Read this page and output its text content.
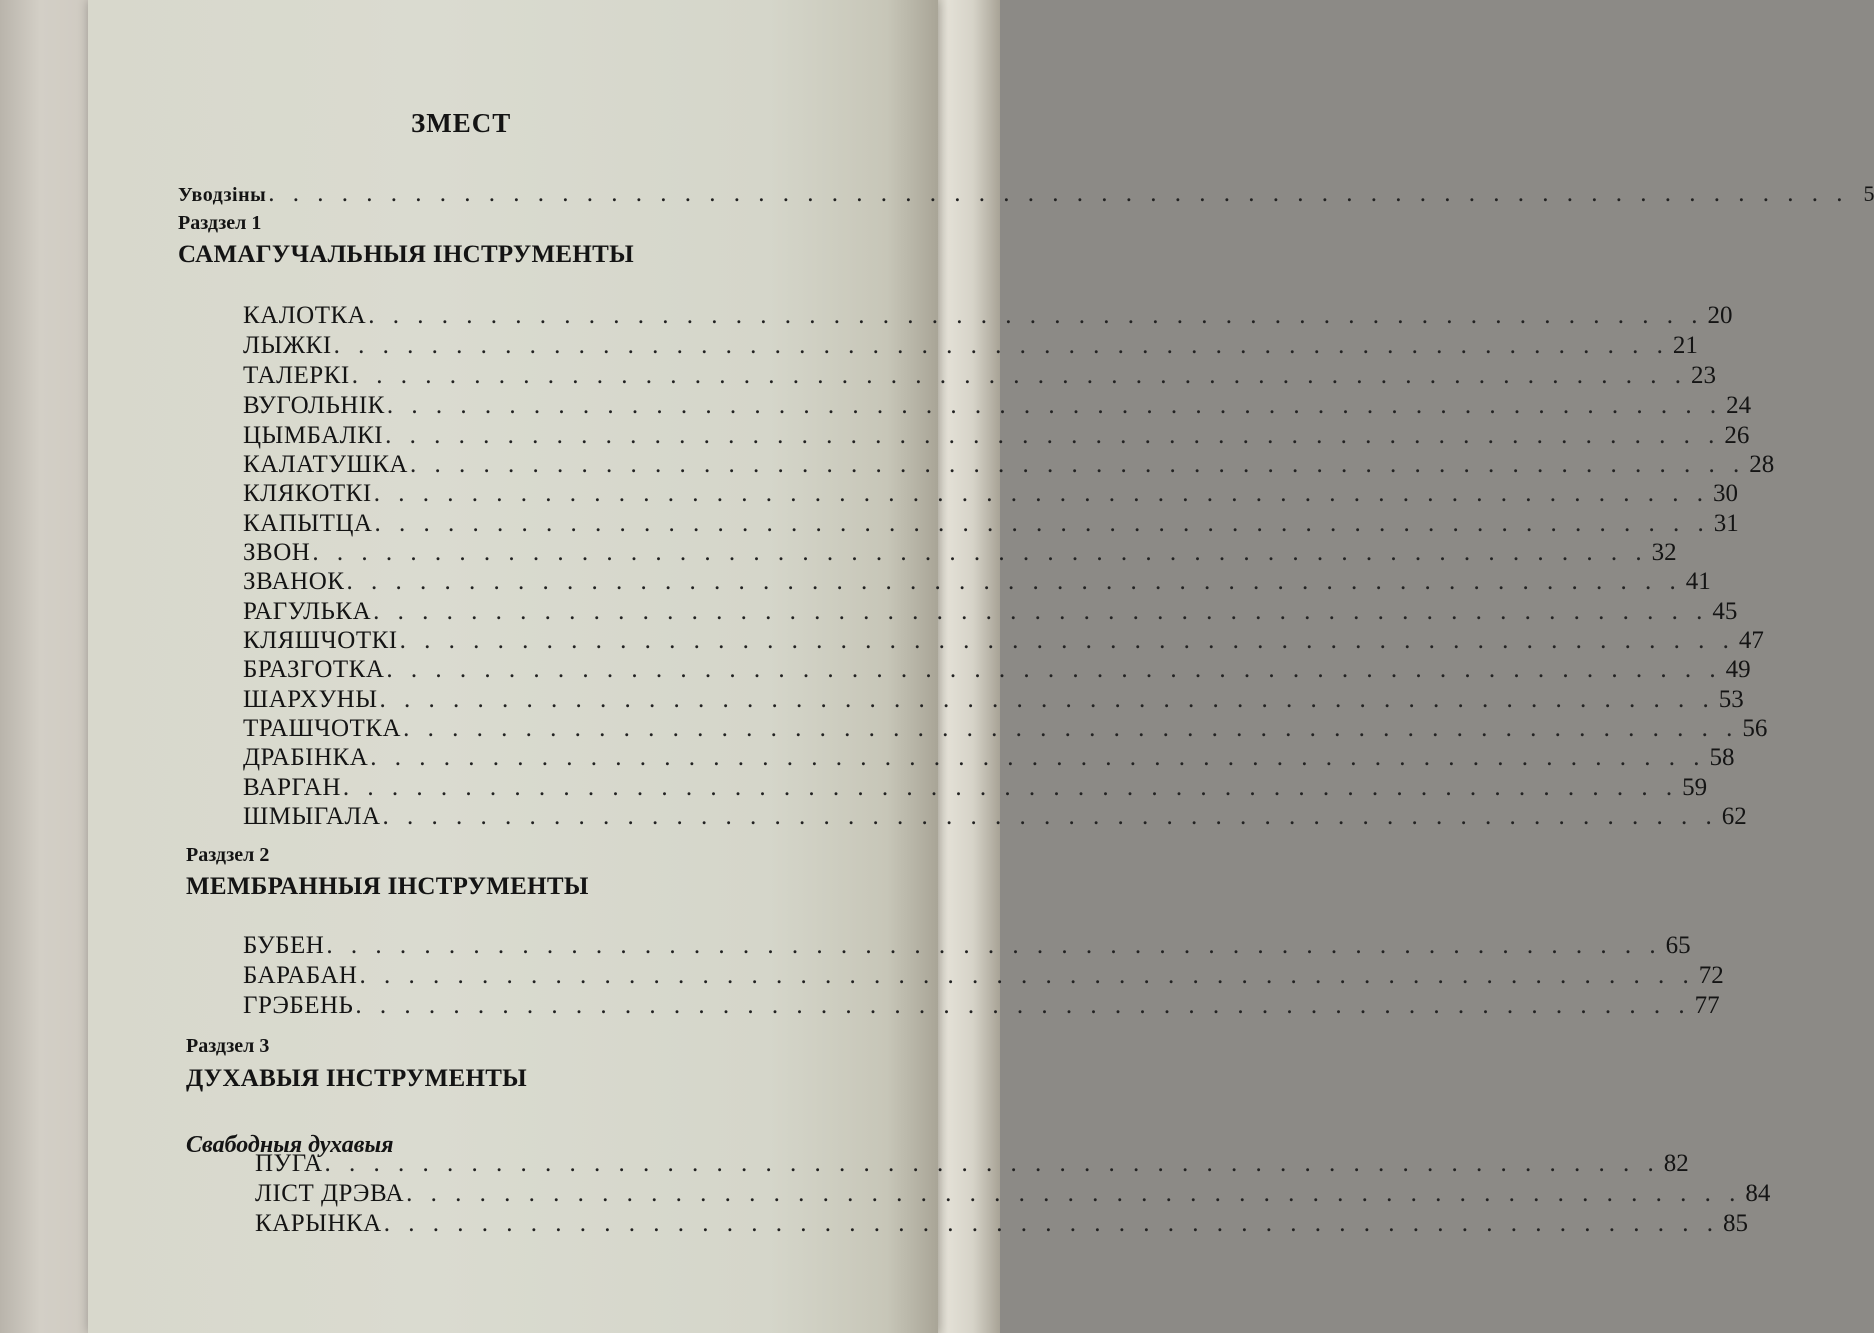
ЗМЕСТ
Уводзіны . . . . . . . . . . . . . . . . . . . . . . . . . . . . . . . . . . . . . . . . . . . . . . . . . . . . . . . . . . . . . . . . . 5
Раздзел 1
САМАГУЧАЛЬНЫЯ ІНСТРУМЕНТЫ
КАЛОТКА . . . . . . . . . . . . . . . . . . . . . . . . . . . . . . . . . . . . . . . . . . . . . . . . . . . . . . . 20
ЛЫЖКІ . . . . . . . . . . . . . . . . . . . . . . . . . . . . . . . . . . . . . . . . . . . . . . . . . . . . . . . 21
ТАЛЕРКІ . . . . . . . . . . . . . . . . . . . . . . . . . . . . . . . . . . . . . . . . . . . . . . . . . . . . . . . 23
ВУГОЛЬНІК . . . . . . . . . . . . . . . . . . . . . . . . . . . . . . . . . . . . . . . . . . . . . . . . . . . . . . . 24
ЦЫМБАЛКІ . . . . . . . . . . . . . . . . . . . . . . . . . . . . . . . . . . . . . . . . . . . . . . . . . . . . . . . 26
КАЛАТУШКА . . . . . . . . . . . . . . . . . . . . . . . . . . . . . . . . . . . . . . . . . . . . . . . . . . . . . . . 28
КЛЯКОТКІ . . . . . . . . . . . . . . . . . . . . . . . . . . . . . . . . . . . . . . . . . . . . . . . . . . . . . . . 30
КАПЫТЦА . . . . . . . . . . . . . . . . . . . . . . . . . . . . . . . . . . . . . . . . . . . . . . . . . . . . . . . 31
ЗВОН . . . . . . . . . . . . . . . . . . . . . . . . . . . . . . . . . . . . . . . . . . . . . . . . . . . . . . . 32
ЗВАНОК . . . . . . . . . . . . . . . . . . . . . . . . . . . . . . . . . . . . . . . . . . . . . . . . . . . . . . . 41
РАГУЛЬКА . . . . . . . . . . . . . . . . . . . . . . . . . . . . . . . . . . . . . . . . . . . . . . . . . . . . . . . 45
КЛЯШЧОТКІ . . . . . . . . . . . . . . . . . . . . . . . . . . . . . . . . . . . . . . . . . . . . . . . . . . . . . . . 47
БРАЗГОТКА . . . . . . . . . . . . . . . . . . . . . . . . . . . . . . . . . . . . . . . . . . . . . . . . . . . . . . . 49
ШАРХУНЫ . . . . . . . . . . . . . . . . . . . . . . . . . . . . . . . . . . . . . . . . . . . . . . . . . . . . . . . 53
ТРАШЧОТКА . . . . . . . . . . . . . . . . . . . . . . . . . . . . . . . . . . . . . . . . . . . . . . . . . . . . . . . 56
ДРАБІНКА . . . . . . . . . . . . . . . . . . . . . . . . . . . . . . . . . . . . . . . . . . . . . . . . . . . . . . . 58
ВАРГАН . . . . . . . . . . . . . . . . . . . . . . . . . . . . . . . . . . . . . . . . . . . . . . . . . . . . . . . 59
ШМЫГАЛА . . . . . . . . . . . . . . . . . . . . . . . . . . . . . . . . . . . . . . . . . . . . . . . . . . . . . . . 62
Раздзел 2
МЕМБРАННЫЯ ІНСТРУМЕНТЫ
БУБЕН . . . . . . . . . . . . . . . . . . . . . . . . . . . . . . . . . . . . . . . . . . . . . . . . . . . . . . . 65
БАРАБАН . . . . . . . . . . . . . . . . . . . . . . . . . . . . . . . . . . . . . . . . . . . . . . . . . . . . . . . 72
ГРЭБЕНЬ . . . . . . . . . . . . . . . . . . . . . . . . . . . . . . . . . . . . . . . . . . . . . . . . . . . . . . . 77
Раздзел 3
ДУХАВЫЯ ІНСТРУМЕНТЫ
Свабодныя духавыя
ПУГА . . . . . . . . . . . . . . . . . . . . . . . . . . . . . . . . . . . . . . . . . . . . . . . . . . . . . . . 82
ЛІСТ ДРЭВА . . . . . . . . . . . . . . . . . . . . . . . . . . . . . . . . . . . . . . . . . . . . . . . . . . . . . . . 84
КАРЫНКА . . . . . . . . . . . . . . . . . . . . . . . . . . . . . . . . . . . . . . . . . . . . . . . . . . . . . . . 85
